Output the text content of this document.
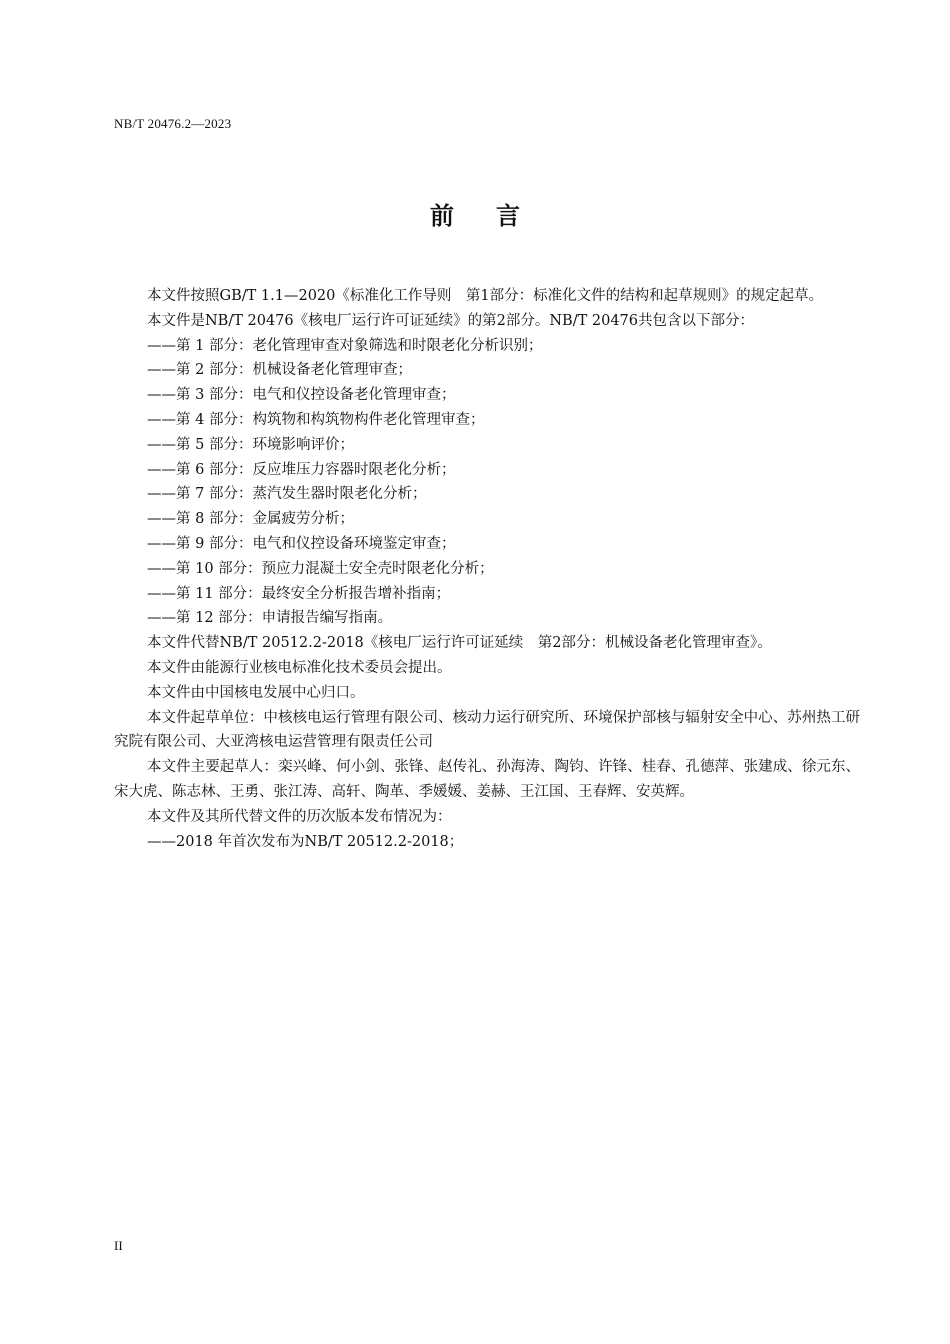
NB/T 20476.2—2023
前言

本文件按照GB/T 1.1—2020《标准化工作导则　第1部分：标准化文件的结构和起草规则》的规定起草。

本文件是NB/T 20476《核电厂运行许可证延续》的第2部分。NB/T 20476共包含以下部分：

——第 1 部分：老化管理审查对象筛选和时限老化分析识别；

——第 2 部分：机械设备老化管理审查；

——第 3 部分：电气和仪控设备老化管理审查；

——第 4 部分：构筑物和构筑物构件老化管理审查；

——第 5 部分：环境影响评价；

——第 6 部分：反应堆压力容器时限老化分析；

——第 7 部分：蒸汽发生器时限老化分析；

——第 8 部分：金属疲劳分析；

——第 9 部分：电气和仪控设备环境鉴定审查；

——第 10 部分：预应力混凝土安全壳时限老化分析；

——第 11 部分：最终安全分析报告增补指南；

——第 12 部分：申请报告编写指南。

本文件代替NB/T 20512.2-2018《核电厂运行许可证延续　第2部分：机械设备老化管理审查》。

本文件由能源行业核电标准化技术委员会提出。

本文件由中国核电发展中心归口。

本文件起草单位：中核核电运行管理有限公司、核动力运行研究所、环境保护部核与辐射安全中心、苏州热工研究院有限公司、大亚湾核电运营管理有限责任公司

本文件主要起草人：栾兴峰、何小剑、张锋、赵传礼、孙海涛、陶钧、许锋、桂春、孔德萍、张建成、徐元东、宋大虎、陈志林、王勇、张江涛、高轩、陶革、季媛媛、姜赫、王江国、王春辉、安英辉。

本文件及其所代替文件的历次版本发布情况为：

——2018 年首次发布为NB/T 20512.2-2018；

II
